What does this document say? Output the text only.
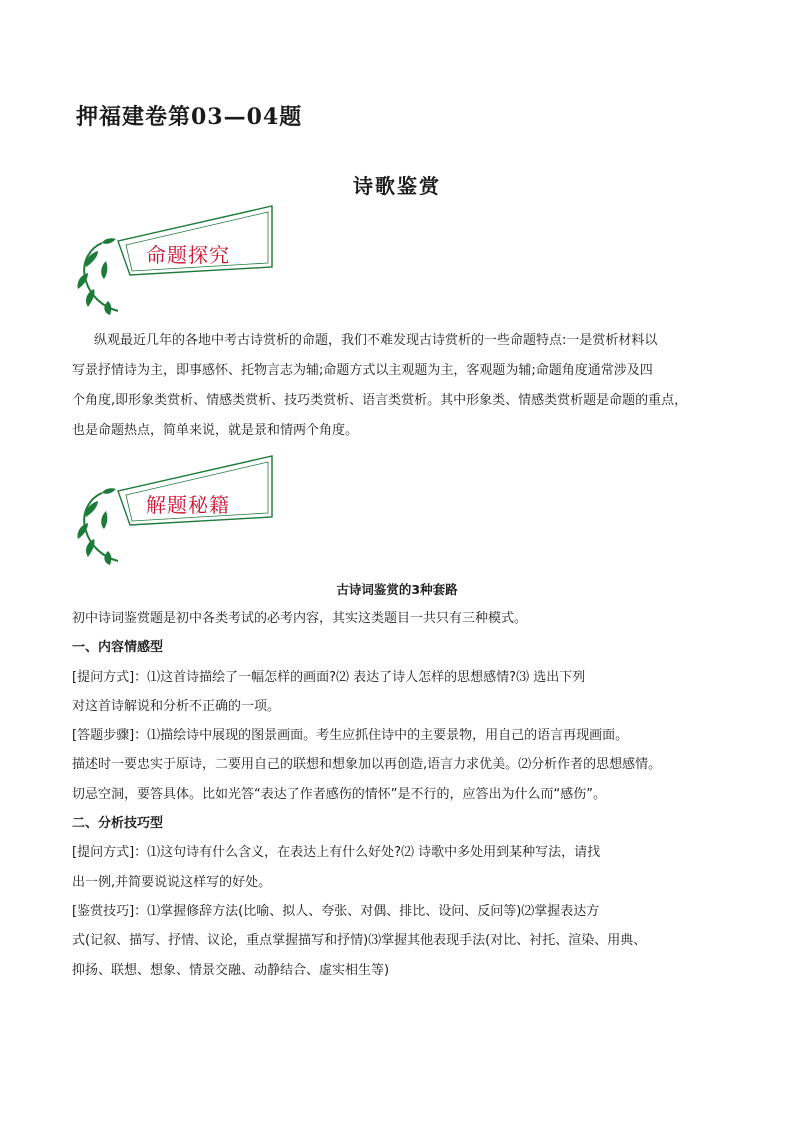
押福建卷第03—04题
诗歌鉴赏
命题探究
纵观最近几年的各地中考古诗赏析的命题，我们不难发现古诗赏析的一些命题特点:一是赏析材料以
写景抒情诗为主，即事感怀、托物言志为辅;命题方式以主观题为主，客观题为辅;命题角度通常涉及四
个角度,即形象类赏析、情感类赏析、技巧类赏析、语言类赏析。其中形象类、情感类赏析题是命题的重点，
也是命题热点，简单来说，就是景和情两个角度。
解题秘籍
古诗词鉴赏的3种套路
初中诗词鉴赏题是初中各类考试的必考内容，其实这类题目一共只有三种模式。
一、内容情感型
[提问方式]：⑴这首诗描绘了一幅怎样的画面?⑵ 表达了诗人怎样的思想感情?⑶ 选出下列
对这首诗解说和分析不正确的一项。
[答题步骤]：⑴描绘诗中展现的图景画面。考生应抓住诗中的主要景物，用自己的语言再现画面。
描述时一要忠实于原诗，二要用自己的联想和想象加以再创造,语言力求优美。⑵分析作者的思想感情。
切忌空洞，要答具体。比如光答“表达了作者感伤的情怀”是不行的，应答出为什么而“感伤”。
二、分析技巧型
[提问方式]：⑴这句诗有什么含义，在表达上有什么好处?⑵ 诗歌中多处用到某种写法，请找
出一例,并简要说说这样写的好处。
[鉴赏技巧]：⑴掌握修辞方法(比喻、拟人、夸张、对偶、排比、设问、反问等)⑵掌握表达方
式(记叙、描写、抒情、议论，重点掌握描写和抒情)⑶掌握其他表现手法(对比、衬托、渲染、用典、
抑扬、联想、想象、情景交融、动静结合、虚实相生等)
